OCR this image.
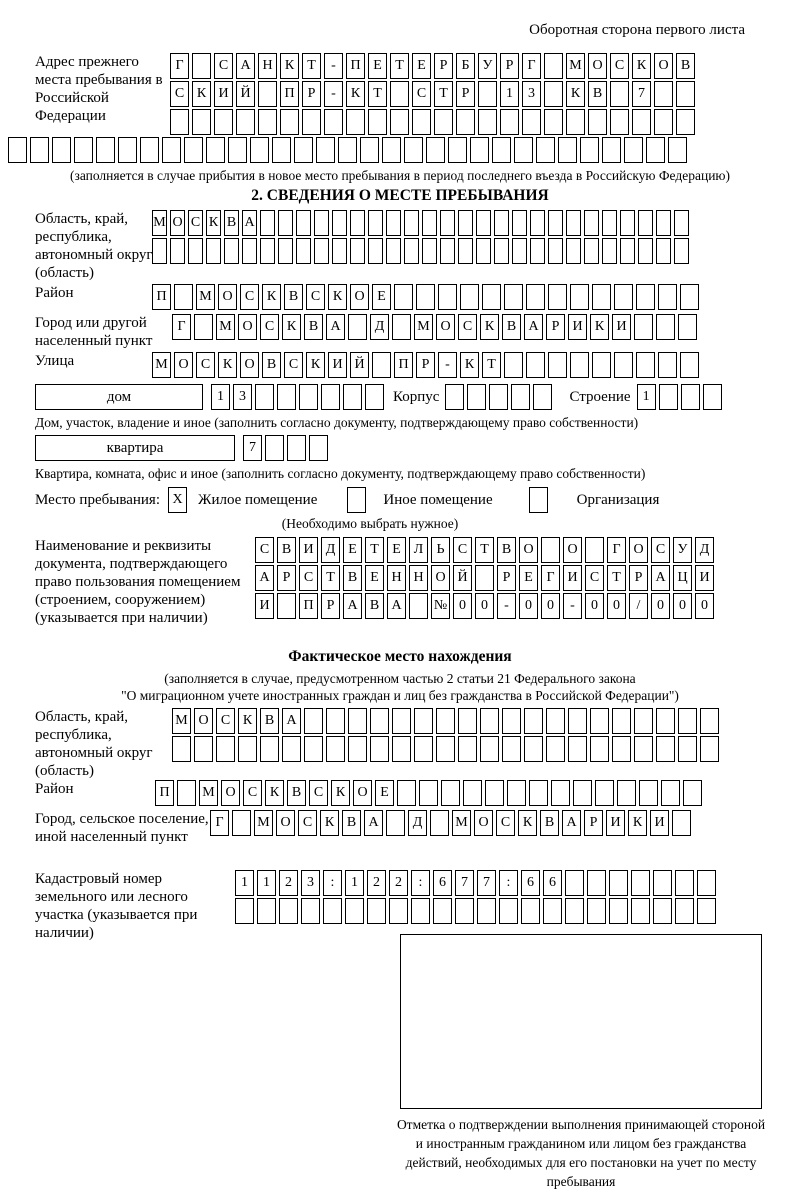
Оборотная сторона первого листа
Адрес прежнего места пребывания в Российской Федерации
Г	С А Н К Т - П Е Т Е Р Б У Р Г М О С К О В
С К И Й П Р - К Т	С Т Р	1 3	К В	7
(заполняется в случае прибытия в новое место пребывания в период последнего въезда в Российскую Федерацию)
2. СВЕДЕНИЯ О МЕСТЕ ПРЕБЫВАНИЯ
Область, край, республика, автономный округ (область)
М О С К В А
Район	П М О С К В С К О Е
Город или другой населенный пункт
Г М О С К В А Д М О С К В А Р И К И
Улица	М О С К О В С К И Й П Р - К Т
дом	1 3	Корпус	Строение 1
Дом, участок, владение и иное (заполнить согласно документу, подтверждающему право собственности)
квартира	7
Квартира, комната, офис и иное (заполнить согласно документу, подтверждающему право собственности)
Место пребывания: X Жилое помещение	Иное помещение	Организация
(Необходимо выбрать нужное)
Наименование и реквизиты документа, подтверждающего право пользования помещением (строением, сооружением) (указывается при наличии)
С В И Д Е Т Е Л Ь С Т В О О Г О С У Д
А Р С Т В Е Н Н О Й	Р Е Г И С Т Р А Ц И
И П Р А В А № 0 0 - 0 0 - 0 0 / 0 0 0
Фактическое место нахождения
(заполняется в случае, предусмотренном частью 2 статьи 21 Федерального закона
"О миграционном учете иностранных граждан и лиц без гражданства в Российской Федерации")
Область, край, республика, автономный округ (область)
М О С К В А
Район	П М О С К В С К О Е
Город, сельское поселение, иной населенный пункт
Г М О С К В А Д М О С К В А Р И К И
Кадастровый номер земельного или лесного участка (указывается при наличии)
1 1 2 3 : 1 2 2 : 6 7 7 : 6 6
Отметка о подтверждении выполнения принимающей стороной и иностранным гражданином или лицом без гражданства действий, необходимых для его постановки на учет по месту пребывания
